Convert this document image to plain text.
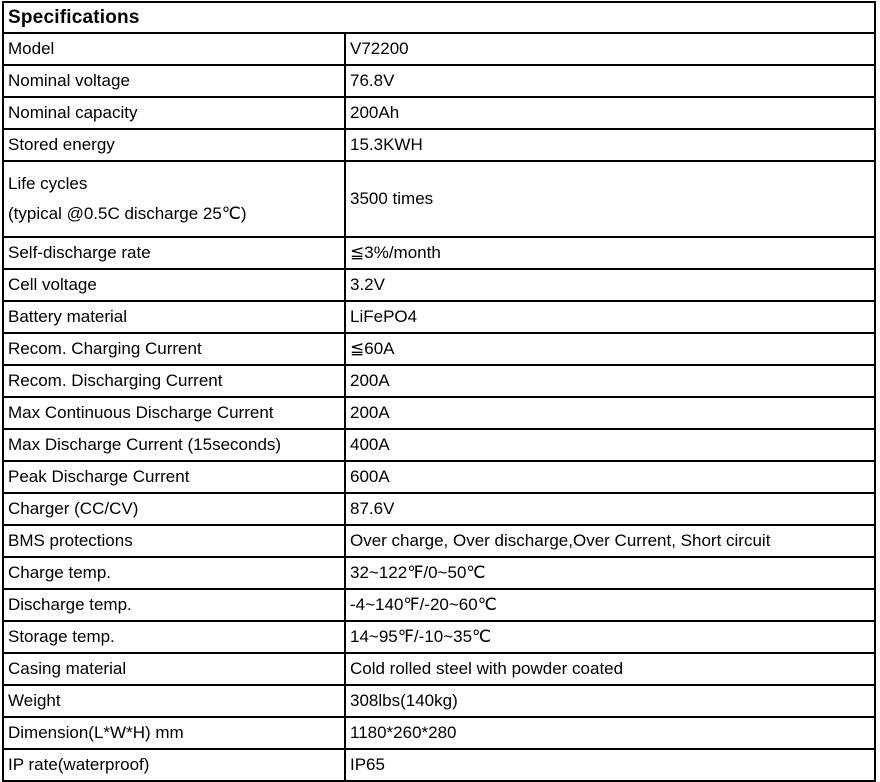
Specifications	

Model	V72200

Nominal voltage	76.8V

Nominal capacity	200Ah

Stored energy	15.3KWH

Life cycles
(typical @0.5C discharge 25℃)	3500 times

Self-discharge rate	≦3%/month

Cell voltage	3.2V

Battery material	LiFePO4

Recom. Charging Current	≦60A

Recom. Discharging Current	200A

Max Continuous Discharge Current	200A

Max Discharge Current (15seconds)	400A

Peak Discharge Current	600A

Charger (CC/CV)	87.6V

BMS protections	Over charge, Over discharge,Over Current, Short circuit

Charge temp.	32~122℉/0~50℃

Discharge temp.	-4~140℉/-20~60℃

Storage temp.	14~95℉/-10~35℃

Casing material	Cold rolled steel with powder coated

Weight	308lbs(140kg)

Dimension(L*W*H) mm	1180*260*280

IP rate(waterproof)	IP65
